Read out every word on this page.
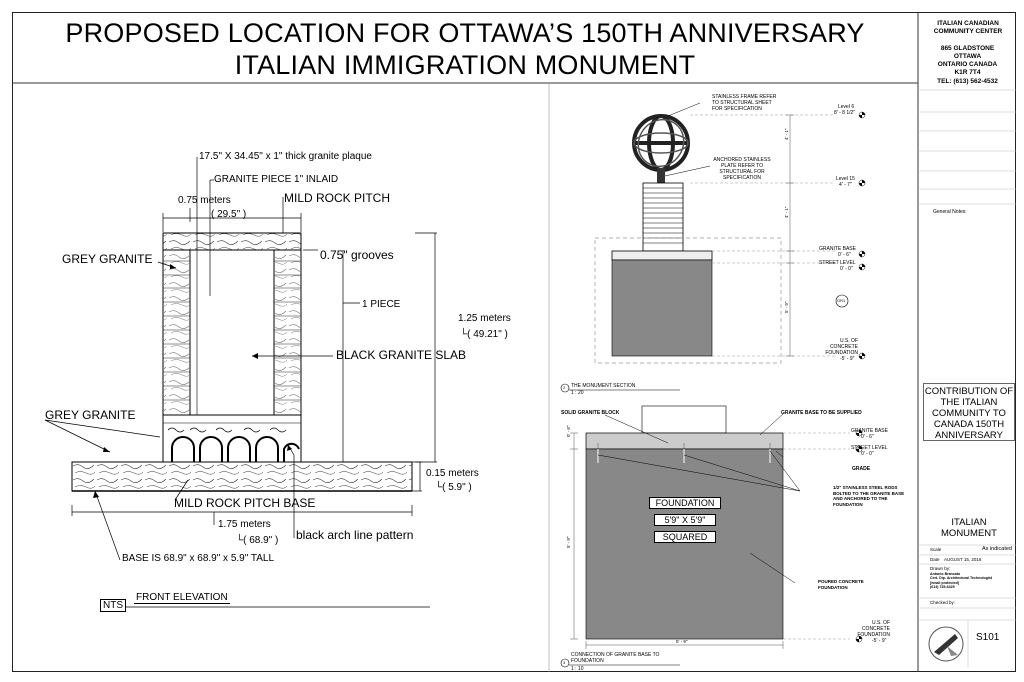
PROPOSED LOCATION FOR OTTAWA’S 150TH ANNIVERSARY
ITALIAN IMMIGRATION MONUMENT
ITALIAN CANADIAN COMMUNITY CENTER
865 GLADSTONE
OTTAWA
ONTARIO CANADA
K1R 7T4
TEL: (613) 562-4532
General Notes:
CONTRIBUTION OF THE ITALIAN COMMUNITY TO CANADA 150TH ANNIVERSARY
ITALIAN MONUMENT
Scale	As indicated
Date AUGUST 15, 2016
Drawn by:
Antonio Brancato
Cert. Dip. Architectural Technologist
[email protected]
(613) 735-6425
Checked by:
S101
17.5" X 34.45" x 1" thick granite plaque
GRANITE PIECE 1" INLAID
MILD ROCK PITCH
0.75 meters
( 29.5" )
GREY GRANITE	0.75" grooves
1 PIECE
1.25 meters
└( 49.21" )
BLACK GRANITE SLAB
GREY GRANITE
0.15 meters
└( 5.9" )
MILD ROCK PITCH BASE
1.75 meters
└( 68.9" ) black arch line pattern
BASE IS 68.9" x 68.9" x 5.9" TALL
FRONT ELEVATION
NTS
STAINLESS FRAME REFER TO STRUCTURAL SHEET FOR SPECIFICATION
ANCHORED STAINLESS PLATE REFER TO STRUCTURAL FOR SPECIFICATION
Level 6
8' - 8 1/2"
Level 15
4' - 7"
GRANITE BASE
0' - 6"
STREET LEVEL
0' - 0"
U.S. OF CONCRETE FOUNDATION
-5' - 9"
GR1
4' - 1"
4' - 1"
5' - 9"
2 THE MONUMENT SECTION
1 : 20
SOLID GRANITE BLOCK	GRANITE BASE TO BE SUPPLIED
GRANITE BASE
0' - 6"
STREET LEVEL
0' - 0"
GRADE
1/2" STAINLESS STEEL RODS BOLTED TO THE GRANITE BASE AND ANCHORED TO THE FOUNDATION
POURED CONCRETE FOUNDATION
U.S. OF CONCRETE FOUNDATION
-5' - 9"
FOUNDATION
5'9" X 5'9"
SQUARED
5' - 9"
5' - 9"
0' - 6"
3
CONNECTION OF GRANITE BASE TO FOUNDATION
1 : 10
